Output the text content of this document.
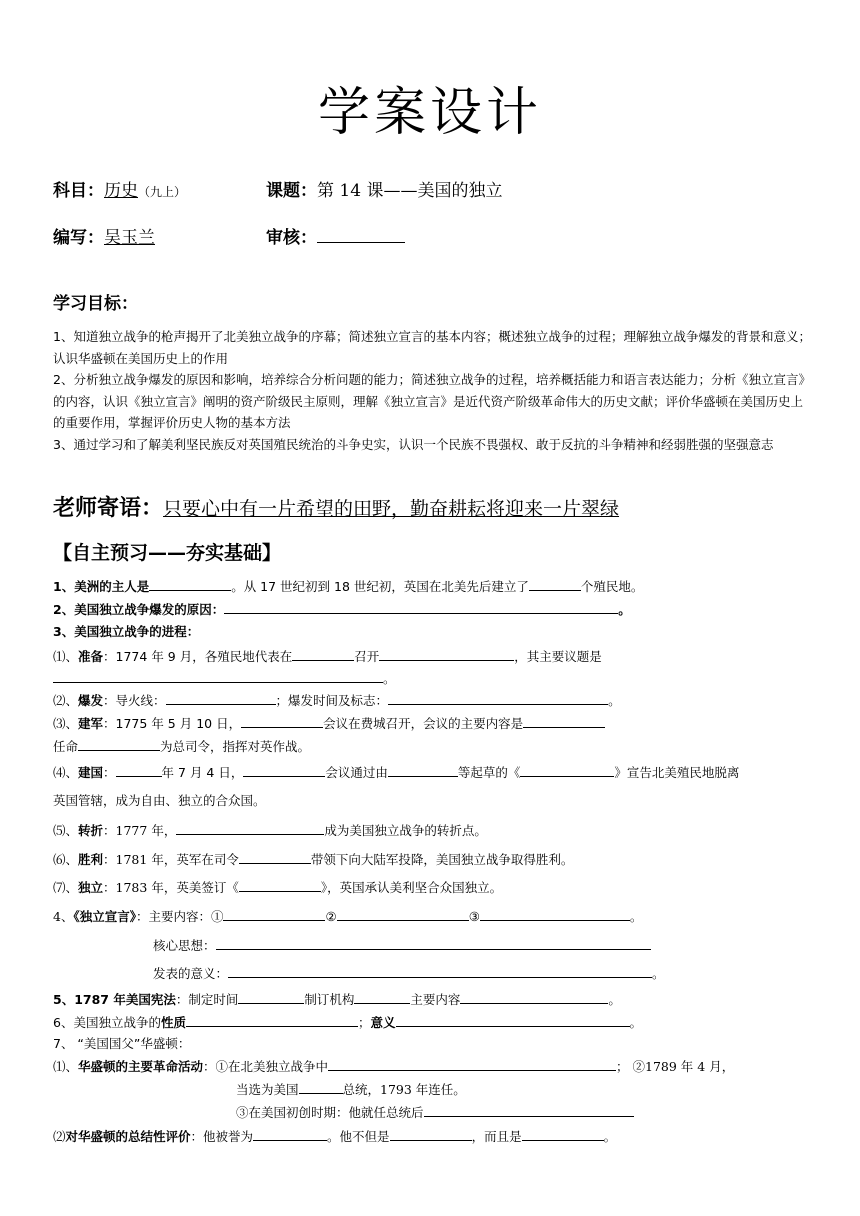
学案设计
科目：历史（九上）	课题：第 14 课——美国的独立
编写：吴玉兰	审核：
学习目标：
1、知道独立战争的枪声揭开了北美独立战争的序幕；简述独立宣言的基本内容；概述独立战争的过程；理解独立战争爆发的背景和意义；认识华盛顿在美国历史上的作用
2、分析独立战争爆发的原因和影响，培养综合分析问题的能力；简述独立战争的过程，培养概括能力和语言表达能力；分析《独立宣言》的内容，认识《独立宣言》阐明的资产阶级民主原则，理解《独立宣言》是近代资产阶级革命伟大的历史文献；评价华盛顿在美国历史上的重要作用，掌握评价历史人物的基本方法
3、通过学习和了解美利坚民族反对英国殖民统治的斗争史实，认识一个民族不畏强权、敢于反抗的斗争精神和经弱胜强的坚强意志
老师寄语：只要心中有一片希望的田野，勤奋耕耘将迎来一片翠绿
【自主预习——夯实基础】
1、美洲的主人是	。从 17 世纪初到 18 世纪初，英国在北美先后建立了	个殖民地。
2、美国独立战争爆发的原因：	。
3、美国独立战争的进程：
⑴、准备：1774 年 9 月，各殖民地代表在	召开	，其主要议题是
。
⑵、爆发：导火线：	；爆发时间及标志：	。
⑶、建军：1775 年 5 月 10 日，	会议在费城召开，会议的主要内容是
任命	为总司令，指挥对英作战。
⑷、建国：	年 7 月 4 日，	会议通过由	等起草的《	》宣告北美殖民地脱离
英国管辖，成为自由、独立的合众国。
⑸、转折：1777 年，	成为美国独立战争的转折点。
⑹、胜利：1781 年，英军在司令	带领下向大陆军投降，美国独立战争取得胜利。
⑺、独立：1783 年，英美签订《	》，英国承认美利坚合众国独立。
4、《独立宣言》：主要内容：①	②	③	。
核心思想：
发表的意义：	。
5、1787 年美国宪法：制定时间	制订机构	主要内容	。
6、美国独立战争的性质	；意义	。
7、 “美国国父”华盛顿：
⑴、华盛顿的主要革命活动：①在北美独立战争中	； ②1789 年 4 月，
当选为美国	总统，1793 年连任。
③在美国初创时期：他就任总统后
⑵对华盛顿的总结性评价：他被誉为	。他不但是	，而且是	。
